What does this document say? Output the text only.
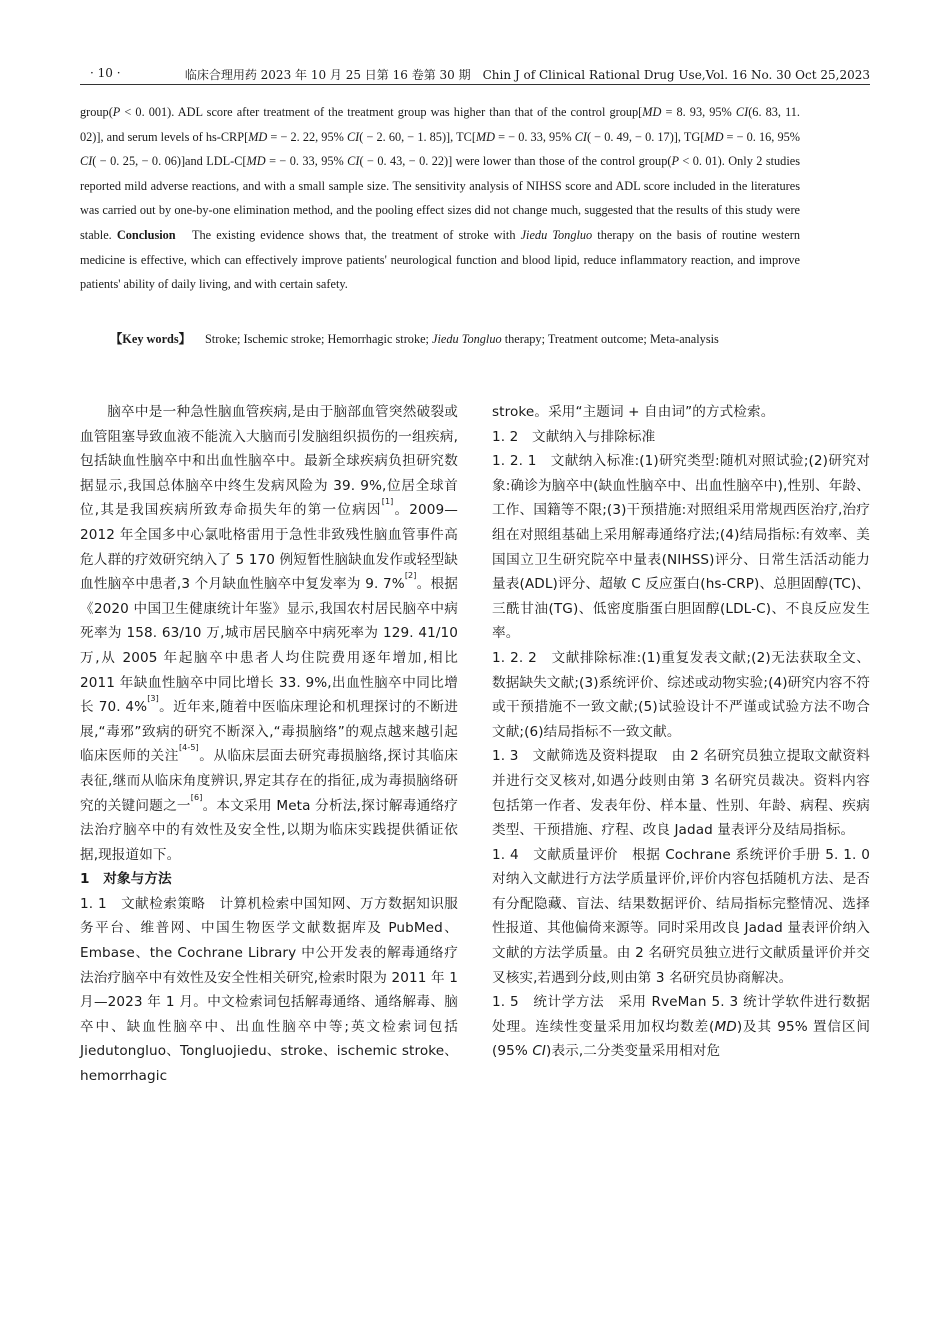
· 10 ·	临床合理用药 2023 年 10 月 25 日第 16 卷第 30 期　Chin J of Clinical Rational Drug Use,Vol. 16 No. 30 Oct 25,2023
group(P < 0. 001). ADL score after treatment of the treatment group was higher than that of the control group[MD = 8. 93, 95% CI(6. 83, 11. 02)], and serum levels of hs-CRP[MD = − 2. 22, 95% CI( − 2. 60, − 1. 85)], TC[MD = − 0. 33, 95% CI( − 0. 49, − 0. 17)], TG[MD = − 0. 16, 95% CI( − 0. 25, − 0. 06)]and LDL-C[MD = − 0. 33, 95% CI( − 0. 43, − 0. 22)] were lower than those of the control group(P < 0. 01). Only 2 studies reported mild adverse reactions, and with a small sample size. The sensitivity analysis of NIHSS score and ADL score included in the literatures was carried out by one-by-one elimination method, and the pooling effect sizes did not change much, suggested that the results of this study were stable. Conclusion　The existing evidence shows that, the treatment of stroke with Jiedu Tongluo therapy on the basis of routine western medicine is effective, which can effectively improve patients' neurological function and blood lipid, reduce inflammatory reaction, and improve patients' ability of daily living, and with certain safety.
【Key words】 Stroke; Ischemic stroke; Hemorrhagic stroke; Jiedu Tongluo therapy; Treatment outcome; Meta-analysis

脑卒中是一种急性脑血管疾病,是由于脑部血管突然破裂或血管阻塞导致血液不能流入大脑而引发脑组织损伤的一组疾病,包括缺血性脑卒中和出血性脑卒中。最新全球疾病负担研究数据显示,我国总体脑卒中终生发病风险为 39. 9%,位居全球首位,其是我国疾病所致寿命损失年的第一位病因[1]。2009—2012 年全国多中心氯吡格雷用于急性非致残性脑血管事件高危人群的疗效研究纳入了 5 170 例短暂性脑缺血发作或轻型缺血性脑卒中患者,3 个月缺血性脑卒中复发率为 9. 7%[2]。根据《2020 中国卫生健康统计年鉴》显示,我国农村居民脑卒中病死率为 158. 63/10 万,城市居民脑卒中病死率为 129. 41/10 万,从 2005 年起脑卒中患者人均住院费用逐年增加,相比 2011 年缺血性脑卒中同比增长 33. 9%,出血性脑卒中同比增长 70. 4%[3]。近年来,随着中医临床理论和机理探讨的不断进展,“毒邪”致病的研究不断深入,“毒损脑络”的观点越来越引起临床医师的关注[4-5]。从临床层面去研究毒损脑络,探讨其临床表征,继而从临床角度辨识,界定其存在的指征,成为毒损脑络研究的关键问题之一[6]。本文采用 Meta 分析法,探讨解毒通络疗法治疗脑卒中的有效性及安全性,以期为临床实践提供循证依据,现报道如下。

1　对象与方法

1. 1　文献检索策略　计算机检索中国知网、万方数据知识服务平台、维普网、中国生物医学文献数据库及 PubMed、Embase、the Cochrane Library 中公开发表的解毒通络疗法治疗脑卒中有效性及安全性相关研究,检索时限为 2011 年 1 月—2023 年 1 月。中文检索词包括解毒通络、通络解毒、脑卒中、缺血性脑卒中、出血性脑卒中等;英文检索词包括 Jiedutongluo、Tongluojiedu、stroke、ischemic stroke、hemorrhagic

stroke。采用“主题词 + 自由词”的方式检索。

1. 2　文献纳入与排除标准

1. 2. 1　文献纳入标准:(1)研究类型:随机对照试验;(2)研究对象:确诊为脑卒中(缺血性脑卒中、出血性脑卒中),性别、年龄、工作、国籍等不限;(3)干预措施:对照组采用常规西医治疗,治疗组在对照组基础上采用解毒通络疗法;(4)结局指标:有效率、美国国立卫生研究院卒中量表(NIHSS)评分、日常生活活动能力量表(ADL)评分、超敏 C 反应蛋白(hs-CRP)、总胆固醇(TC)、三酰甘油(TG)、低密度脂蛋白胆固醇(LDL-C)、不良反应发生率。

1. 2. 2　文献排除标准:(1)重复发表文献;(2)无法获取全文、数据缺失文献;(3)系统评价、综述或动物实验;(4)研究内容不符或干预措施不一致文献;(5)试验设计不严谨或试验方法不吻合文献;(6)结局指标不一致文献。

1. 3　文献筛选及资料提取　由 2 名研究员独立提取文献资料并进行交叉核对,如遇分歧则由第 3 名研究员裁决。资料内容包括第一作者、发表年份、样本量、性别、年龄、病程、疾病类型、干预措施、疗程、改良 Jadad 量表评分及结局指标。

1. 4　文献质量评价　根据 Cochrane 系统评价手册 5. 1. 0 对纳入文献进行方法学质量评价,评价内容包括随机方法、是否有分配隐藏、盲法、结果数据评价、结局指标完整情况、选择性报道、其他偏倚来源等。同时采用改良 Jadad 量表评价纳入文献的方法学质量。由 2 名研究员独立进行文献质量评价并交叉核实,若遇到分歧,则由第 3 名研究员协商解决。

1. 5　统计学方法　采用 RveMan 5. 3 统计学软件进行数据处理。连续性变量采用加权均数差(MD)及其 95% 置信区间(95% CI)表示,二分类变量采用相对危
